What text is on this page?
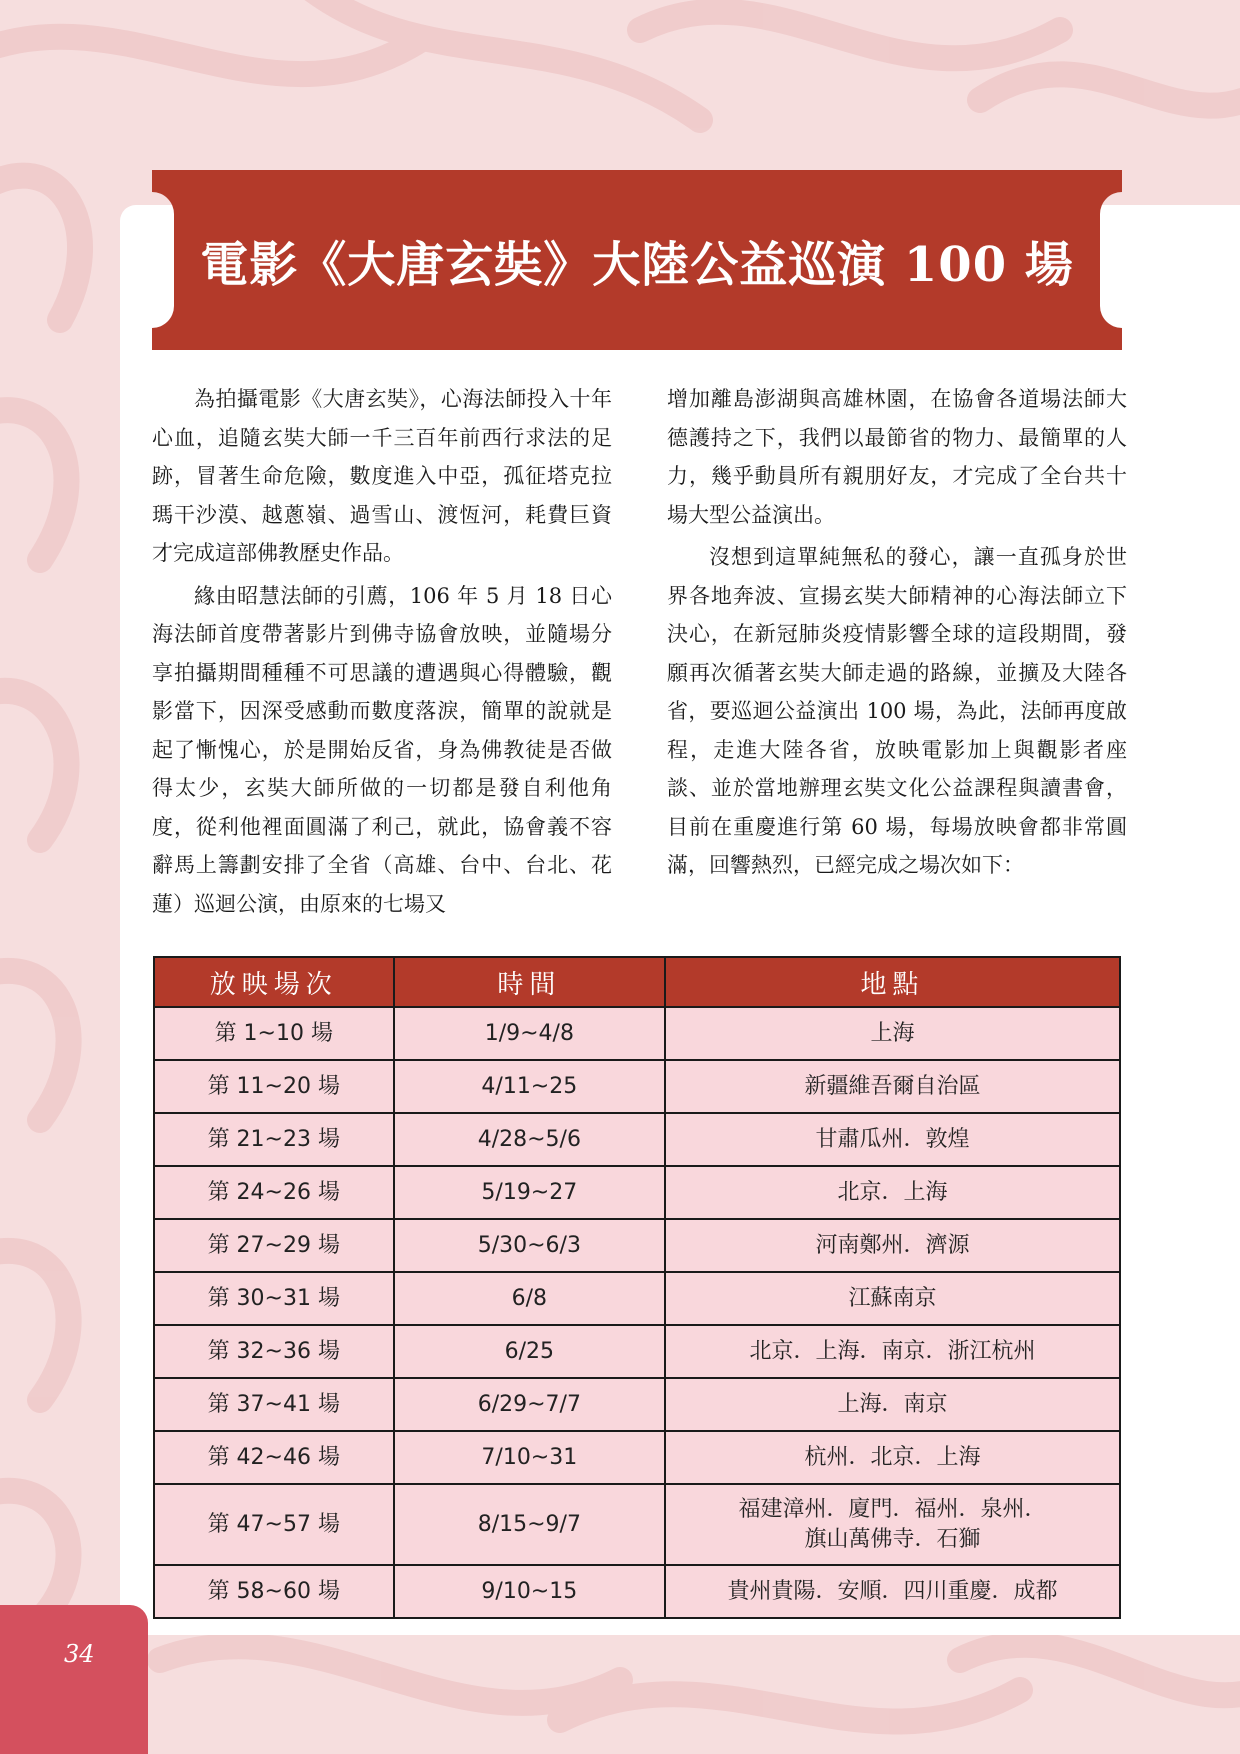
電影《大唐玄奘》大陸公益巡演 100 場

為拍攝電影《大唐玄奘》，心海法師投入十年心血，追隨玄奘大師一千三百年前西行求法的足跡，冒著生命危險，數度進入中亞，孤征塔克拉瑪干沙漠、越蔥嶺、過雪山、渡恆河，耗費巨資才完成這部佛教歷史作品。

緣由昭慧法師的引薦，106 年 5 月 18 日心海法師首度帶著影片到佛寺協會放映，並隨場分享拍攝期間種種不可思議的遭遇與心得體驗，觀影當下，因深受感動而數度落淚，簡單的說就是起了慚愧心，於是開始反省，身為佛教徒是否做得太少，玄奘大師所做的一切都是發自利他角度，從利他裡面圓滿了利己，就此，協會義不容辭馬上籌劃安排了全省（高雄、台中、台北、花蓮）巡迴公演，由原來的七場又

增加離島澎湖與高雄林園，在協會各道場法師大德護持之下，我們以最節省的物力、最簡單的人力，幾乎動員所有親朋好友，才完成了全台共十場大型公益演出。

沒想到這單純無私的發心，讓一直孤身於世界各地奔波、宣揚玄奘大師精神的心海法師立下決心，在新冠肺炎疫情影響全球的這段期間，發願再次循著玄奘大師走過的路線，並擴及大陸各省，要巡迴公益演出 100 場，為此，法師再度啟程，走進大陸各省，放映電影加上與觀影者座談、並於當地辦理玄奘文化公益課程與讀書會，目前在重慶進行第 60 場，每場放映會都非常圓滿，回響熱烈，已經完成之場次如下：

放映場次	時間	地點
第 1~10 場	1/9~4/8	上海
第 11~20 場	4/11~25	新疆維吾爾自治區
第 21~23 場	4/28~5/6	甘肅瓜州．敦煌
第 24~26 場	5/19~27	北京．上海
第 27~29 場	5/30~6/3	河南鄭州．濟源
第 30~31 場	6/8	江蘇南京
第 32~36 場	6/25	北京．上海．南京．浙江杭州
第 37~41 場	6/29~7/7	上海．南京
第 42~46 場	7/10~31	杭州．北京．上海
第 47~57 場	8/15~9/7	福建漳州．廈門．福州．泉州．
旗山萬佛寺．石獅

第 58~60 場	9/10~15	貴州貴陽．安順．四川重慶．成都
34
